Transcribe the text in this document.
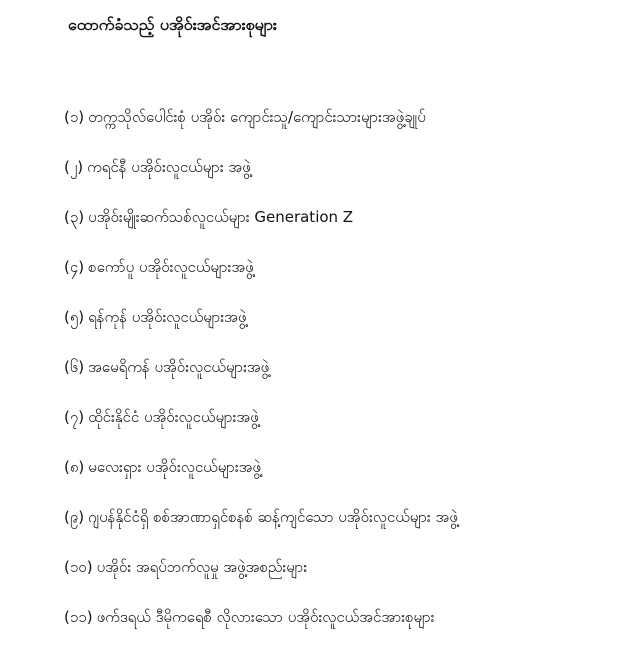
ထောက်ခံသည့် ပအိုဝ်းအင်အားစုများ
(၁) တက္ကသိုလ်ပေါင်းစုံ ပအိုဝ်း ကျောင်းသူ/ကျောင်းသားများအဖွဲ့ချုပ်
(၂) ကရင်နီ ပအိုဝ်းလူငယ်များ အဖွဲ့
(၃) ပအိုဝ်းမျိုးဆက်သစ်လူငယ်များ Generation Z
(၄) စကော်ပူ ပအိုဝ်းလူငယ်များအဖွဲ့
(၅) ရန်ကုန် ပအိုဝ်းလူငယ်များအဖွဲ့
(၆) အမေရိကန် ပအိုဝ်းလူငယ်များအဖွဲ့
(၇) ထိုင်းနိုင်ငံ ပအိုဝ်းလူငယ်များအဖွဲ့
(၈) မလေးရှား ပအိုဝ်းလူငယ်များအဖွဲ့
(၉) ဂျပန်နိုင်ငံရှိ စစ်အာဏာရှင်စနစ် ဆန့်ကျင်သော ပအိုဝ်းလူငယ်များ အဖွဲ့
(၁၀) ပအိုဝ်း အရပ်ဘက်လူမှု အဖွဲ့အစည်းများ
(၁၁) ဖက်ဒရယ် ဒီမိုကရေစီ လိုလားသော ပအိုဝ်းလူငယ်အင်အားစုများ
